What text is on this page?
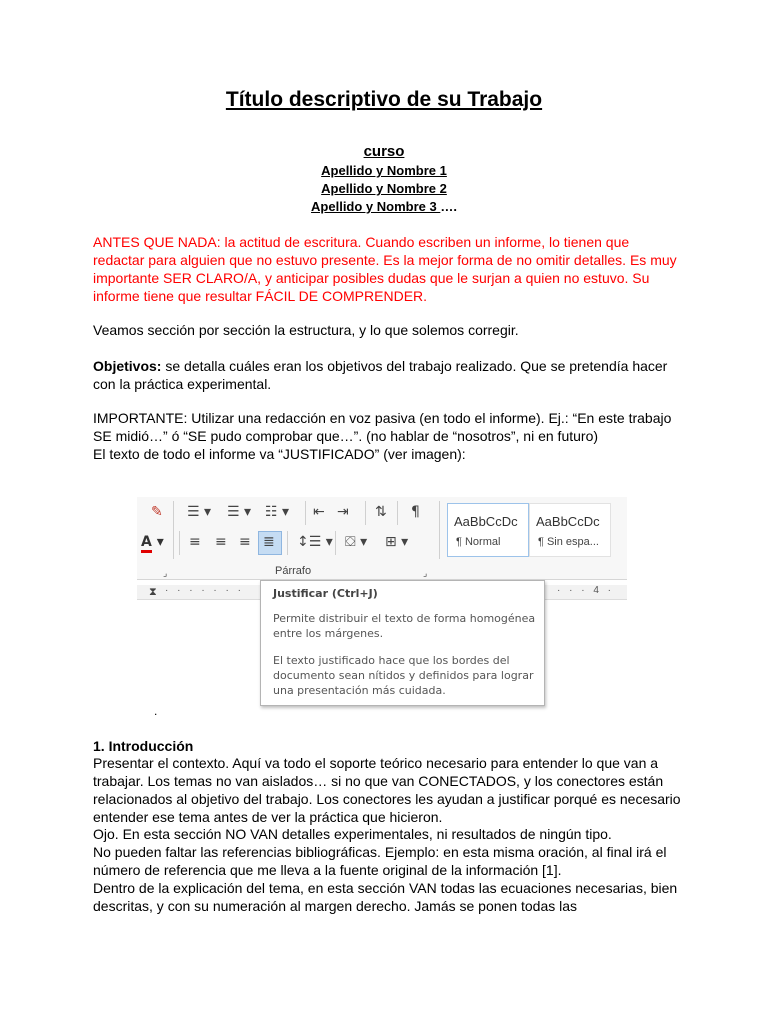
Título descriptivo de su Trabajo
curso
Apellido y Nombre 1
Apellido y Nombre 2
Apellido y Nombre 3 ….
ANTES QUE NADA: la actitud de escritura. Cuando escriben un informe, lo tienen que redactar para alguien que no estuvo presente. Es la mejor forma de no omitir detalles. Es muy importante SER CLARO/A, y anticipar posibles dudas que le surjan a quien no estuvo. Su informe tiene que resultar FÁCIL DE COMPRENDER.
Veamos sección por sección la estructura, y lo que solemos corregir.
Objetivos: se detalla cuáles eran los objetivos del trabajo realizado. Que se pretendía hacer con la práctica experimental.
IMPORTANTE: Utilizar una redacción en voz pasiva (en todo el informe). Ej.: “En este trabajo SE midió…” ó “SE pudo comprobar que…”. (no hablar de “nosotros”, ni en futuro)
El texto de todo el informe va “JUSTIFICADO” (ver imagen):
✎ ☰ ▾ ☰ ▾ ☷ ▾ ⇤ ⇥ ⇅ ¶
A ▾ ≡ ≡ ≡ ≣ ↕☰ ▾ ⛋ ▾ ⊞ ▾
AaBbCcDc
¶ Normal
AaBbCcDc
¶ Sin espa...
Párrafo	⌟
⌟
⧗ · · · · · · ·	· · · 4 ·
Justificar (Ctrl+J)
Permite distribuir el texto de forma homogénea entre los márgenes.
El texto justificado hace que los bordes del documento sean nítidos y definidos para lograr una presentación más cuidada.
.
1. Introducción
Presentar el contexto. Aquí va todo el soporte teórico necesario para entender lo que van a trabajar. Los temas no van aislados… si no que van CONECTADOS, y los conectores están relacionados al objetivo del trabajo. Los conectores les ayudan a justificar porqué es necesario entender ese tema antes de ver la práctica que hicieron.
Ojo. En esta sección NO VAN detalles experimentales, ni resultados de ningún tipo.
No pueden faltar las referencias bibliográficas. Ejemplo: en esta misma oración, al final irá el número de referencia que me lleva a la fuente original de la información [1].
Dentro de la explicación del tema, en esta sección VAN todas las ecuaciones necesarias, bien descritas, y con su numeración al margen derecho. Jamás se ponen todas las
